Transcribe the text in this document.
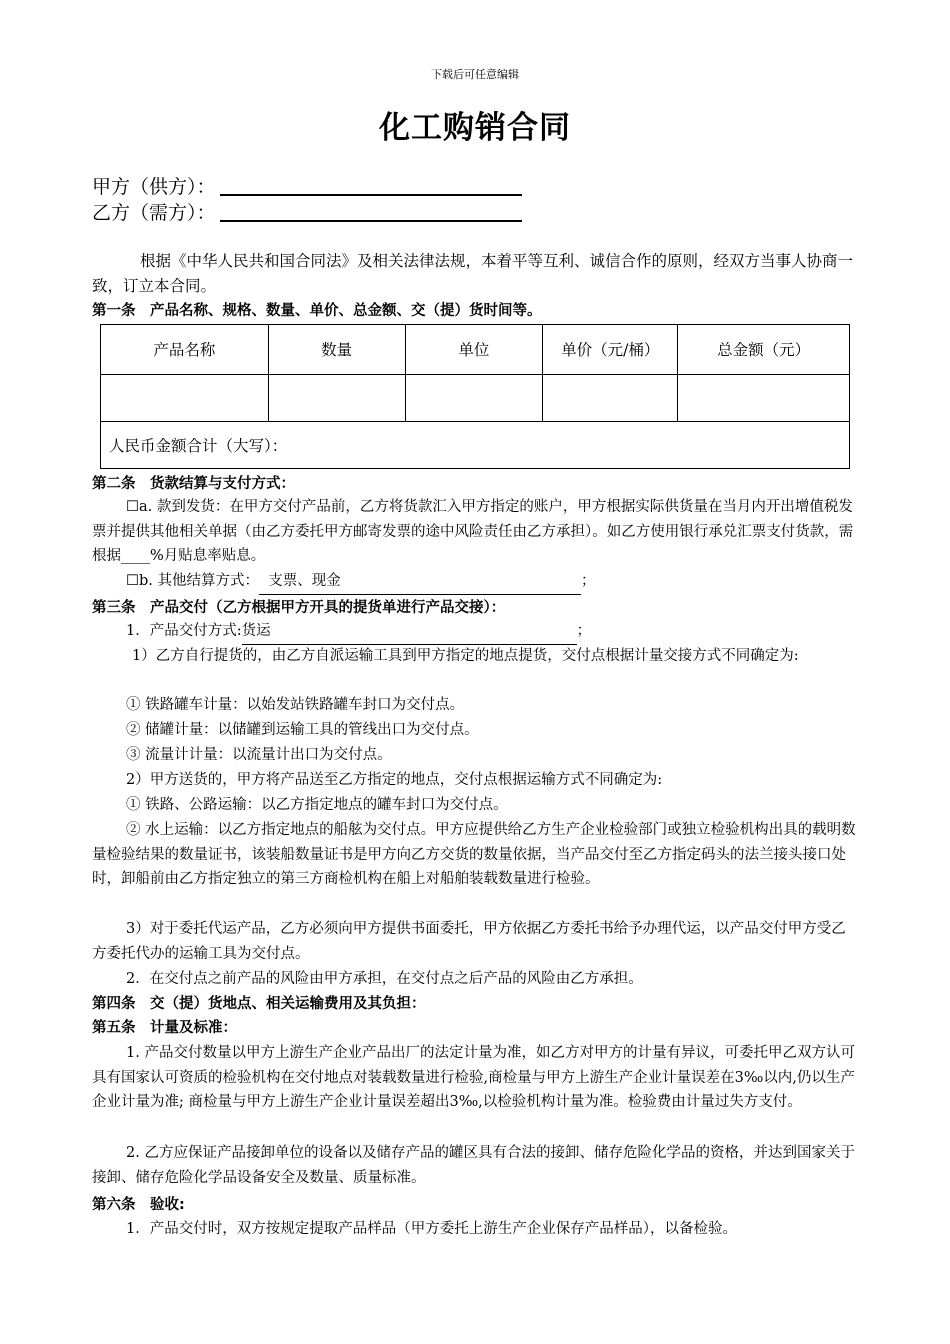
下载后可任意编辑
化工购销合同
甲方（供方）：
乙方（需方）：
根据《中华人民共和国合同法》及相关法律法规，本着平等互利、诚信合作的原则，经双方当事人协商一致，订立本合同。
第一条　产品名称、规格、数量、单价、总金额、交（提）货时间等。
产品名称	数量	单位	单价（元/桶）	总金额（元）

人民币金额合计（大写）：				
第二条　货款结算与支付方式：
☐a. 款到发货：在甲方交付产品前，乙方将货款汇入甲方指定的账户，甲方根据实际供货量在当月内开出增值税发票并提供其他相关单据（由乙方委托甲方邮寄发票的途中风险责任由乙方承担）。如乙方使用银行承兑汇票支付货款，需根据____%月贴息率贴息。
☐b. 其他结算方式： 支票、现金	；
第三条　产品交付（乙方根据甲方开具的提货单进行产品交接）：
1．产品交付方式:货运	；
1）乙方自行提货的，由乙方自派运输工具到甲方指定的地点提货，交付点根据计量交接方式不同确定为:
① 铁路罐车计量：以始发站铁路罐车封口为交付点。
② 储罐计量：以储罐到运输工具的管线出口为交付点。
③ 流量计计量：以流量计出口为交付点。
2）甲方送货的，甲方将产品送至乙方指定的地点，交付点根据运输方式不同确定为:
① 铁路、公路运输：以乙方指定地点的罐车封口为交付点。
② 水上运输：以乙方指定地点的船舷为交付点。甲方应提供给乙方生产企业检验部门或独立检验机构出具的载明数量检验结果的数量证书，该装船数量证书是甲方向乙方交货的数量依据，当产品交付至乙方指定码头的法兰接头接口处时，卸船前由乙方指定独立的第三方商检机构在船上对船舶装载数量进行检验。
3）对于委托代运产品，乙方必须向甲方提供书面委托，甲方依据乙方委托书给予办理代运，以产品交付甲方受乙方委托代办的运输工具为交付点。
2．在交付点之前产品的风险由甲方承担，在交付点之后产品的风险由乙方承担。
第四条　交（提）货地点、相关运输费用及其负担：
第五条　计量及标准：
1. 产品交付数量以甲方上游生产企业产品出厂的法定计量为准，如乙方对甲方的计量有异议，可委托甲乙双方认可具有国家认可资质的检验机构在交付地点对装载数量进行检验,商检量与甲方上游生产企业计量误差在3‰以内,仍以生产企业计量为准; 商检量与甲方上游生产企业计量误差超出3‰,以检验机构计量为准。检验费由计量过失方支付。
2. 乙方应保证产品接卸单位的设备以及储存产品的罐区具有合法的接卸、储存危险化学品的资格，并达到国家关于接卸、储存危险化学品设备安全及数量、质量标准。
第六条　验收:
1．产品交付时，双方按规定提取产品样品（甲方委托上游生产企业保存产品样品），以备检验。
